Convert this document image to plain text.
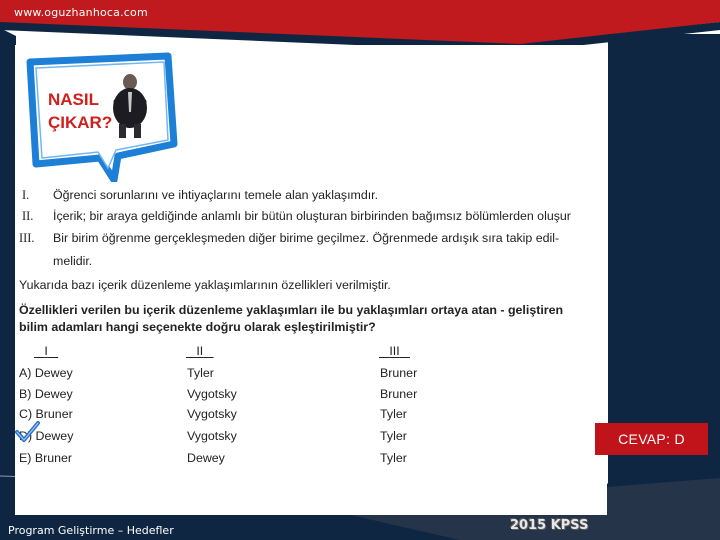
www.oguzhanhoca.com
NASIL
ÇIKAR?
I. Öğrenci sorunlarını ve ihtiyaçlarını temele alan yaklaşımdır.
II. İçerik; bir araya geldiğinde anlamlı bir bütün oluşturan birbirinden bağımsız bölümlerden oluşur
III. Bir birim öğrenme gerçekleşmeden diğer birime geçilmez. Öğrenmede ardışık sıra takip edil-
melidir.
Yukarıda bazı içerik düzenleme yaklaşımlarının özellikleri verilmiştir.
Özellikleri verilen bu içerik düzenleme yaklaşımları ile bu yaklaşımları ortaya atan - geliştiren
bilim adamları hangi seçenekte doğru olarak eşleştirilmiştir?
I	II	III
A) Dewey	Tyler	Bruner
B) Dewey	Vygotsky	Bruner
C) Bruner	Vygotsky	Tyler
D) Dewey	Vygotsky	Tyler
E) Bruner	Dewey	Tyler
CEVAP: D
Program Geliştirme – Hedefler	2015 KPSS
